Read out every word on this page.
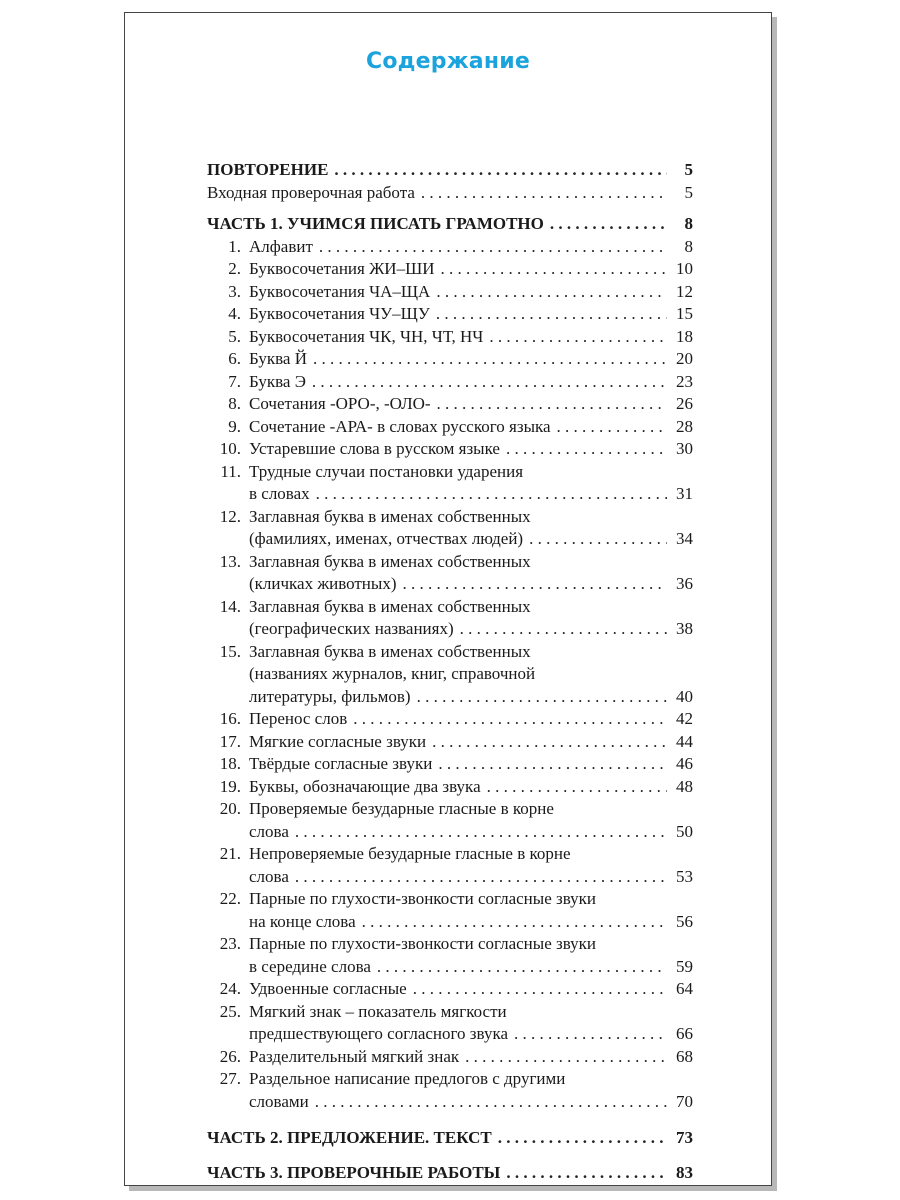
Содержание
ПОВТОРЕНИЕ . . .	5
Входная проверочная работа . . .	5
ЧАСТЬ 1. УЧИМСЯ ПИСАТЬ ГРАМОТНО . . .	8
1. Алфавит . . .	8
2. Буквосочетания ЖИ–ШИ . . .	10
3. Буквосочетания ЧА–ЩА . . .	12
4. Буквосочетания ЧУ–ЩУ . . .	15
5. Буквосочетания ЧК, ЧН, ЧТ, НЧ . . .	18
6. Буква Й . . .	20
7. Буква Э . . .	23
8. Сочетания -ОРО-, -ОЛО- . . .	26
9. Сочетание -АРА- в словах русского языка . . .	28
10. Устаревшие слова в русском языке . . .	30
11. Трудные случаи постановки ударения
в словах . . .	31
12. Заглавная буква в именах собственных
(фамилиях, именах, отчествах людей) . . .	34
13. Заглавная буква в именах собственных
(кличках животных) . . .	36
14. Заглавная буква в именах собственных
(географических названиях) . . .	38
15. Заглавная буква в именах собственных
(названиях журналов, книг, справочной
литературы, фильмов) . . .	40
16. Перенос слов . . .	42
17. Мягкие согласные звуки . . .	44
18. Твёрдые согласные звуки . . .	46
19. Буквы, обозначающие два звука . . .	48
20. Проверяемые безударные гласные в корне
слова . . .	50
21. Непроверяемые безударные гласные в корне
слова . . .	53
22. Парные по глухости-звонкости согласные звуки
на конце слова . . .	56
23. Парные по глухости-звонкости согласные звуки
в середине слова . . .	59
24. Удвоенные согласные . . .	64
25. Мягкий знак – показатель мягкости
предшествующего согласного звука . . .	66
26. Разделительный мягкий знак . . .	68
27. Раздельное написание предлогов с другими
словами . . .	70
ЧАСТЬ 2. ПРЕДЛОЖЕНИЕ. ТЕКСТ . . .	73
ЧАСТЬ 3. ПРОВЕРОЧНЫЕ РАБОТЫ . . .	83
